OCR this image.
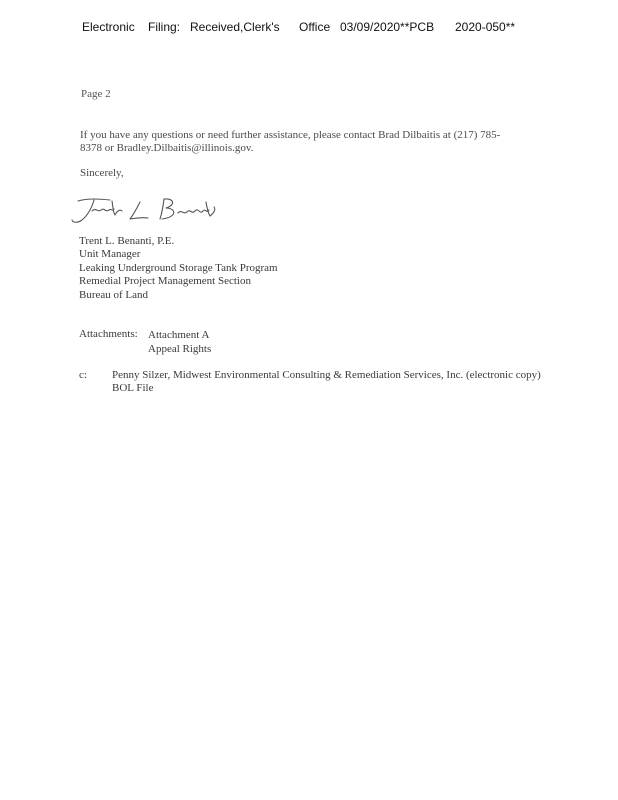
Electronic Filing: Received,Clerk's Office 03/09/2020**PCB 2020-050**
Page 2
If you have any questions or need further assistance, please contact Brad Dilbaitis at (217) 785-
8378 or Bradley.Dilbaitis@illinois.gov.
Sincerely,
Trent L. Benanti, P.E.
Unit Manager
Leaking Underground Storage Tank Program
Remedial Project Management Section
Bureau of Land
Attachments: Attachment A
Appeal Rights
c: Penny Silzer, Midwest Environmental Consulting & Remediation Services, Inc. (electronic copy)
BOL File
